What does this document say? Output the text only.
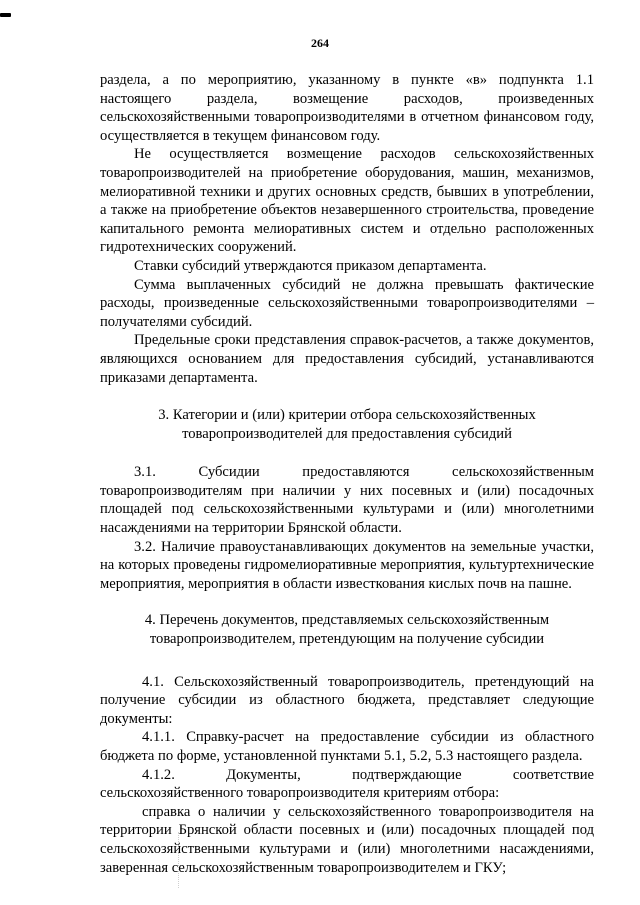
264

раздела, а по мероприятию, указанному в пункте «в» подпункта 1.1 настоящего раздела, возмещение расходов, произведенных сельскохозяйственными товаропроизводителями в отчетном финансовом году, осуществляется в текущем финансовом году.

Не осуществляется возмещение расходов сельскохозяйственных товаропроизводителей на приобретение оборудования, машин, механизмов, мелиоративной техники и других основных средств, бывших в употреблении, а также на приобретение объектов незавершенного строительства, проведение капитального ремонта мелиоративных систем и отдельно расположенных гидротехнических сооружений.

Ставки субсидий утверждаются приказом департамента.

Сумма выплаченных субсидий не должна превышать фактические расходы, произведенные сельскохозяйственными товаропроизводителями – получателями субсидий.

Предельные сроки представления справок-расчетов, а также документов, являющихся основанием для предоставления субсидий, устанавливаются приказами департамента.

3. Категории и (или) критерии отбора сельскохозяйственных
товаропроизводителей для предоставления субсидий

3.1. Субсидии предоставляются сельскохозяйственным товаропроизводителям при наличии у них посевных и (или) посадочных площадей под сельскохозяйственными культурами и (или) многолетними насаждениями на территории Брянской области.

3.2. Наличие правоустанавливающих документов на земельные участки, на которых проведены гидромелиоративные мероприятия, культуртехнические мероприятия, мероприятия в области известкования кислых почв на пашне.

4. Перечень документов, представляемых сельскохозяйственным
товаропроизводителем, претендующим на получение субсидии

4.1. Сельскохозяйственный товаропроизводитель, претендующий на получение субсидии из областного бюджета, представляет следующие документы:

4.1.1. Справку-расчет на предоставление субсидии из областного бюджета по форме, установленной пунктами 5.1, 5.2, 5.3 настоящего раздела.

4.1.2. Документы, подтверждающие соответствие сельскохозяйственного товаропроизводителя критериям отбора:

справка о наличии у сельскохозяйственного товаропроизводителя на территории Брянской области посевных и (или) посадочных площадей под сельскохозяйственными культурами и (или) многолетними насаждениями, заверенная сельскохозяйственным товаропроизводителем и ГКУ;
